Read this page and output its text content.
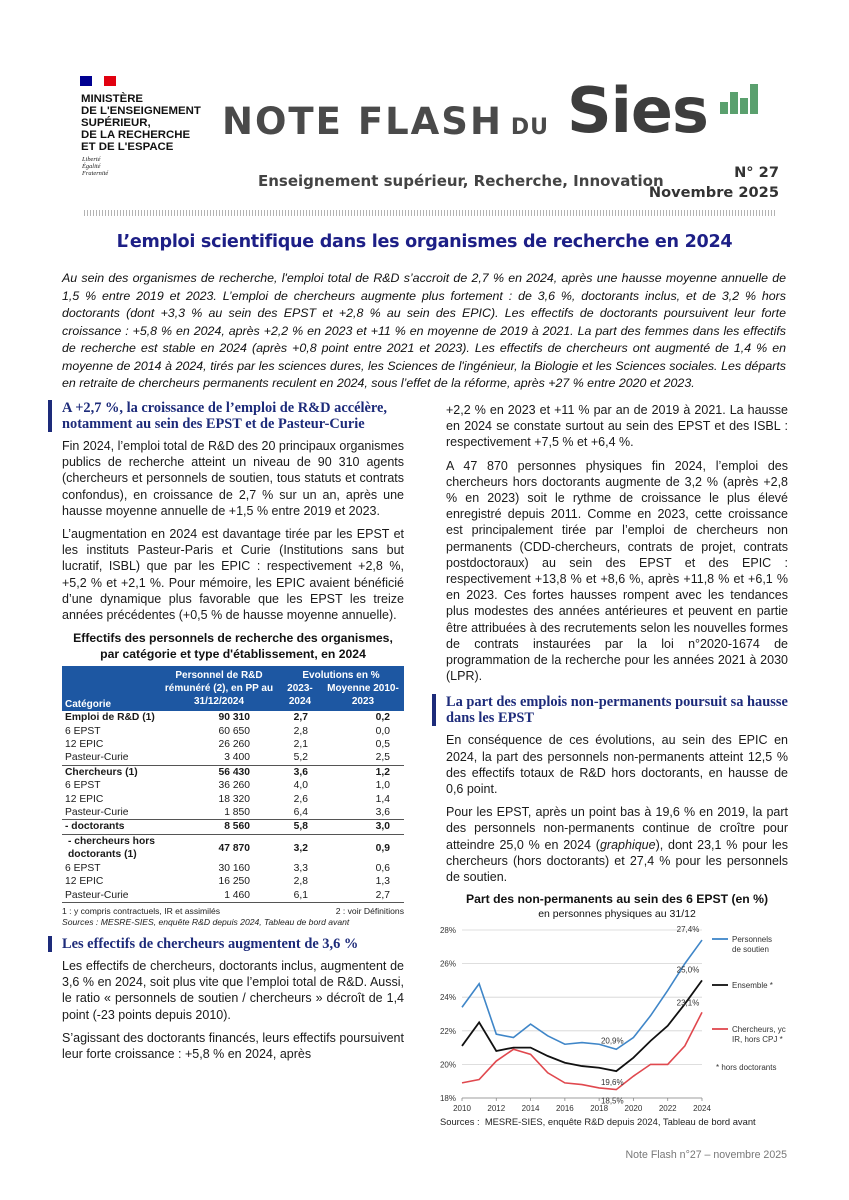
MINISTÈRE
DE L'ENSEIGNEMENT
SUPÉRIEUR,
DE LA RECHERCHE
ET DE L'ESPACE
Liberté
Égalité
Fraternité
NOTE FLASH DU Sies
Enseignement supérieur, Recherche, Innovation	N° 27
Novembre 2025
L’emploi scientifique dans les organismes de recherche en 2024

Au sein des organismes de recherche, l'emploi total de R&D s’accroit de 2,7 % en 2024, après une hausse moyenne annuelle de 1,5 % entre 2019 et 2023. L’emploi de chercheurs augmente plus fortement : de 3,6 %, doctorants inclus, et de 3,2 % hors doctorants (dont +3,3 % au sein des EPST et +2,8 % au sein des EPIC). Les effectifs de doctorants poursuivent leur forte croissance : +5,8 % en 2024, après +2,2 % en 2023 et +11 % en moyenne de 2019 à 2021. La part des femmes dans les effectifs de recherche est stable en 2024 (après +0,8 point entre 2021 et 2023). Les effectifs de chercheurs ont augmenté de 1,4 % en moyenne de 2014 à 2024, tirés par les sciences dures, les Sciences de l'ingénieur, la Biologie et les Sciences sociales. Les départs en retraite de chercheurs permanents reculent en 2024, sous l’effet de la réforme, après +27 % entre 2020 et 2023.

A +2,7 %, la croissance de l’emploi de R&D accélère, notamment au sein des EPST et de Pasteur-Curie

Fin 2024, l’emploi total de R&D des 20 principaux organismes publics de recherche atteint un niveau de 90 310 agents (chercheurs et personnels de soutien, tous statuts et contrats confondus), en croissance de 2,7 % sur un an, après une hausse moyenne annuelle de +1,5 % entre 2019 et 2023.

L’augmentation en 2024 est davantage tirée par les EPST et les instituts Pasteur-Paris et Curie (Institutions sans but lucratif, ISBL) que par les EPIC : respectivement +2,8 %, +5,2 % et +2,1 %. Pour mémoire, les EPIC avaient bénéficié d’une dynamique plus favorable que les EPST les treize années précédentes (+0,5 % de hausse moyenne annuelle).

Effectifs des personnels de recherche des organismes, par catégorie et type d'établissement, en 2024
Catégorie	Personnel de R&D rémunéré (2), en PP au 31/12/2024	Evolutions en %	
		2023-2024	Moyenne 2010-2023
Emploi de R&D (1)	90 310	2,7	0,2
6 EPST	60 650	2,8	0,0
12 EPIC	26 260	2,1	0,5
Pasteur-Curie	3 400	5,2	2,5
Chercheurs (1)	56 430	3,6	1,2
6 EPST	36 260	4,0	1,0
12 EPIC	18 320	2,6	1,4
Pasteur-Curie	1 850	6,4	3,6
- doctorants	8 560	5,8	3,0
- chercheurs hors doctorants (1)	47 870	3,2	0,9
6 EPST	30 160	3,3	0,6
12 EPIC	16 250	2,8	1,3
Pasteur-Curie	1 460	6,1	2,7
1 : y compris contractuels, IR et assimilés	2 : voir Définitions
Sources : MESRE-SIES, enquête R&D depuis 2024, Tableau de bord avant
Les effectifs de chercheurs augmentent de 3,6 %

Les effectifs de chercheurs, doctorants inclus, augmentent de 3,6 % en 2024, soit plus vite que l’emploi total de R&D. Aussi, le ratio « personnels de soutien / chercheurs » décroît de 1,4 point (-23 points depuis 2010).

S’agissant des doctorants financés, leurs effectifs poursuivent leur forte croissance : +5,8 % en 2024, après

+2,2 % en 2023 et +11 % par an de 2019 à 2021. La hausse en 2024 se constate surtout au sein des EPST et des ISBL : respectivement +7,5 % et +6,4 %.

A 47 870 personnes physiques fin 2024, l’emploi des chercheurs hors doctorants augmente de 3,2 % (après +2,8 % en 2023) soit le rythme de croissance le plus élevé enregistré depuis 2011. Comme en 2023, cette croissance est principalement tirée par l’emploi de chercheurs non permanents (CDD-chercheurs, contrats de projet, contrats postdoctoraux) au sein des EPST et des EPIC : respectivement +13,8 % et +8,6 %, après +11,8 % et +6,1 % en 2023. Ces fortes hausses rompent avec les tendances plus modestes des années antérieures et peuvent en partie être attribuées à des recrutements selon les nouvelles formes de contrats instaurées par la loi n°2020-1674 de programmation de la recherche pour les années 2021 à 2030 (LPR).

La part des emplois non-permanents poursuit sa hausse dans les EPST

En conséquence de ces évolutions, au sein des EPIC en 2024, la part des personnels non-permanents atteint 12,5 % des effectifs totaux de R&D hors doctorants, en hausse de 0,6 point.

Pour les EPST, après un point bas à 19,6 % en 2019, la part des personnels non-permanents continue de croître pour atteindre 25,0 % en 2024 (graphique), dont 23,1 % pour les chercheurs (hors doctorants) et 27,4 % pour les personnels de soutien.

Part des non-permanents au sein des 6 EPST (en %)
en personnes physiques au 31/12
18%
20%
22%
24%
26%
28%
2010 2012 2014 2016 2018 2020 2022 2024
27,4%
25,0%
23,1%
20,9%
19,6%
18,5%
Personnels de soutien
Ensemble *
Chercheurs, yc IR, hors CPJ *
* hors doctorants
Sources : MESRE-SIES, enquête R&D depuis 2024, Tableau de bord avant
Note Flash n°27 – novembre 2025
